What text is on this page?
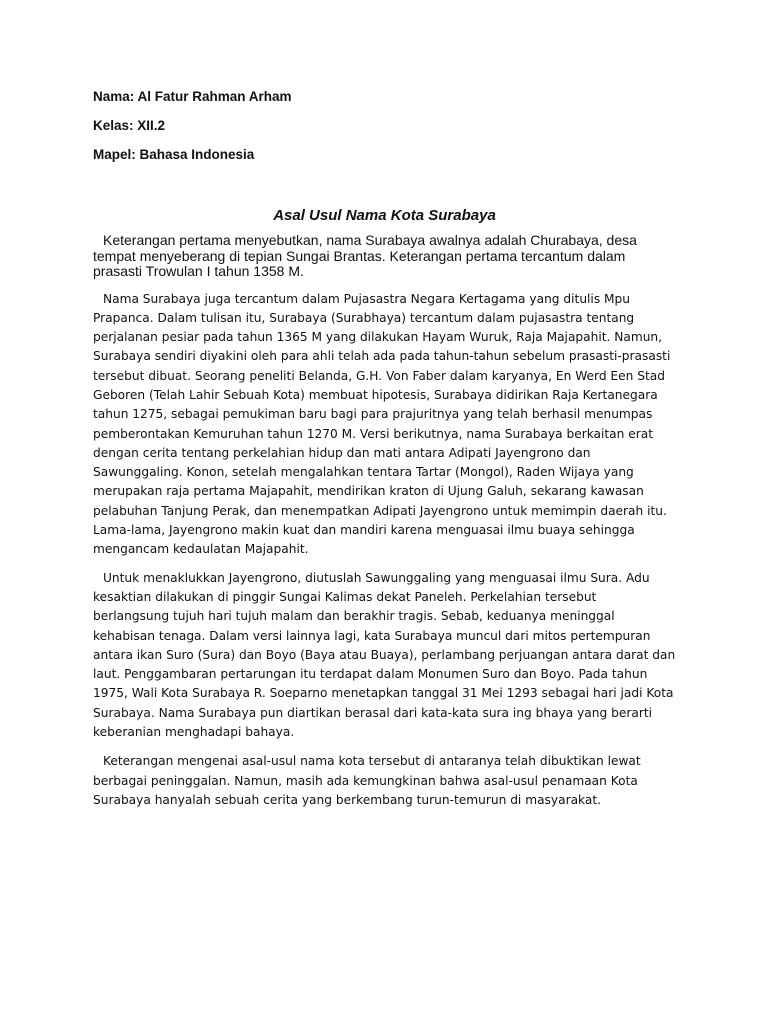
Nama: Al Fatur Rahman Arham

Kelas: XII.2

Mapel: Bahasa Indonesia

Asal Usul Nama Kota Surabaya

Keterangan pertama menyebutkan, nama Surabaya awalnya adalah Churabaya, desa tempat menyeberang di tepian Sungai Brantas. Keterangan pertama tercantum dalam prasasti Trowulan I tahun 1358 M.

Nama Surabaya juga tercantum dalam Pujasastra Negara Kertagama yang ditulis Mpu Prapanca. Dalam tulisan itu, Surabaya (Surabhaya) tercantum dalam pujasastra tentang perjalanan pesiar pada tahun 1365 M yang dilakukan Hayam Wuruk, Raja Majapahit. Namun, Surabaya sendiri diyakini oleh para ahli telah ada pada tahun-tahun sebelum prasasti-prasasti tersebut dibuat. Seorang peneliti Belanda, G.H. Von Faber dalam karyanya, En Werd Een Stad Geboren (Telah Lahir Sebuah Kota) membuat hipotesis, Surabaya didirikan Raja Kertanegara tahun 1275, sebagai pemukiman baru bagi para prajuritnya yang telah berhasil menumpas pemberontakan Kemuruhan tahun 1270 M. Versi berikutnya, nama Surabaya berkaitan erat dengan cerita tentang perkelahian hidup dan mati antara Adipati Jayengrono dan Sawunggaling. Konon, setelah mengalahkan tentara Tartar (Mongol), Raden Wijaya yang merupakan raja pertama Majapahit, mendirikan kraton di Ujung Galuh, sekarang kawasan pelabuhan Tanjung Perak, dan menempatkan Adipati Jayengrono untuk memimpin daerah itu. Lama-lama, Jayengrono makin kuat dan mandiri karena menguasai ilmu buaya sehingga mengancam kedaulatan Majapahit.

Untuk menaklukkan Jayengrono, diutuslah Sawunggaling yang menguasai ilmu Sura. Adu kesaktian dilakukan di pinggir Sungai Kalimas dekat Paneleh. Perkelahian tersebut berlangsung tujuh hari tujuh malam dan berakhir tragis. Sebab, keduanya meninggal kehabisan tenaga. Dalam versi lainnya lagi, kata Surabaya muncul dari mitos pertempuran antara ikan Suro (Sura) dan Boyo (Baya atau Buaya), perlambang perjuangan antara darat dan laut. Penggambaran pertarungan itu terdapat dalam Monumen Suro dan Boyo. Pada tahun 1975, Wali Kota Surabaya R. Soeparno menetapkan tanggal 31 Mei 1293 sebagai hari jadi Kota Surabaya. Nama Surabaya pun diartikan berasal dari kata-kata sura ing bhaya yang berarti keberanian menghadapi bahaya.

Keterangan mengenai asal-usul nama kota tersebut di antaranya telah dibuktikan lewat berbagai peninggalan. Namun, masih ada kemungkinan bahwa asal-usul penamaan Kota Surabaya hanyalah sebuah cerita yang berkembang turun-temurun di masyarakat.
